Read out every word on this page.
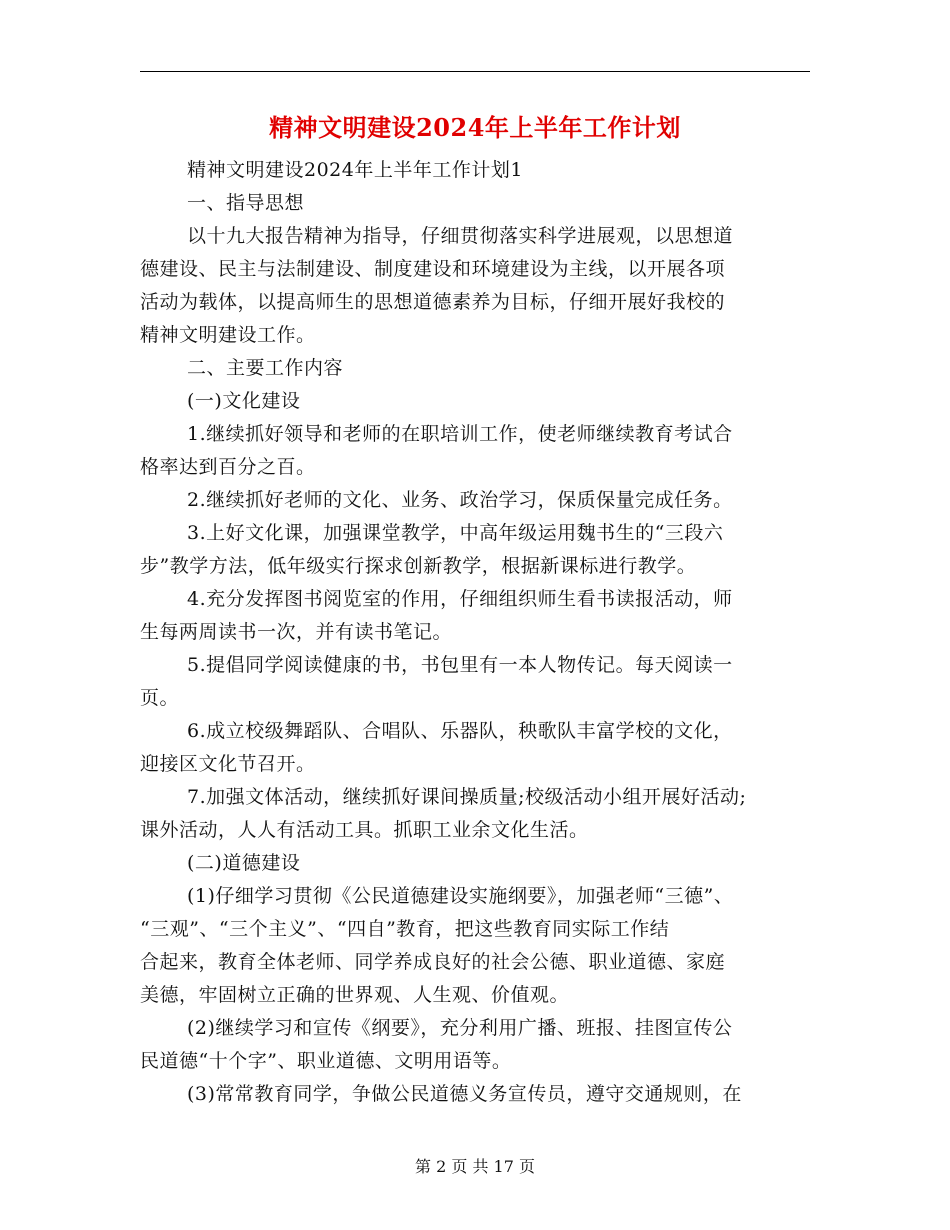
精神文明建设2024年上半年工作计划
精神文明建设2024年上半年工作计划1
一、指导思想
以十九大报告精神为指导，仔细贯彻落实科学进展观，以思想道
德建设、民主与法制建设、制度建设和环境建设为主线，以开展各项
活动为载体，以提高师生的思想道德素养为目标，仔细开展好我校的
精神文明建设工作。
二、主要工作内容
(一)文化建设
1.继续抓好领导和老师的在职培训工作，使老师继续教育考试合
格率达到百分之百。
2.继续抓好老师的文化、业务、政治学习，保质保量完成任务。
3.上好文化课，加强课堂教学，中高年级运用魏书生的“三段六
步”教学方法，低年级实行探求创新教学，根据新课标进行教学。
4.充分发挥图书阅览室的作用，仔细组织师生看书读报活动，师
生每两周读书一次，并有读书笔记。
5.提倡同学阅读健康的书，书包里有一本人物传记。每天阅读一
页。
6.成立校级舞蹈队、合唱队、乐器队，秧歌队丰富学校的文化，
迎接区文化节召开。
7.加强文体活动，继续抓好课间操质量;校级活动小组开展好活动;
课外活动，人人有活动工具。抓职工业余文化生活。
(二)道德建设
(1)仔细学习贯彻《公民道德建设实施纲要》，加强老师“三德”、
“三观”、“三个主义”、“四自”教育，把这些教育同实际工作结
合起来，教育全体老师、同学养成良好的社会公德、职业道德、家庭
美德，牢固树立正确的世界观、人生观、价值观。
(2)继续学习和宣传《纲要》，充分利用广播、班报、挂图宣传公
民道德“十个字”、职业道德、文明用语等。
(3)常常教育同学，争做公民道德义务宣传员，遵守交通规则，在
第 2 页 共 17 页
